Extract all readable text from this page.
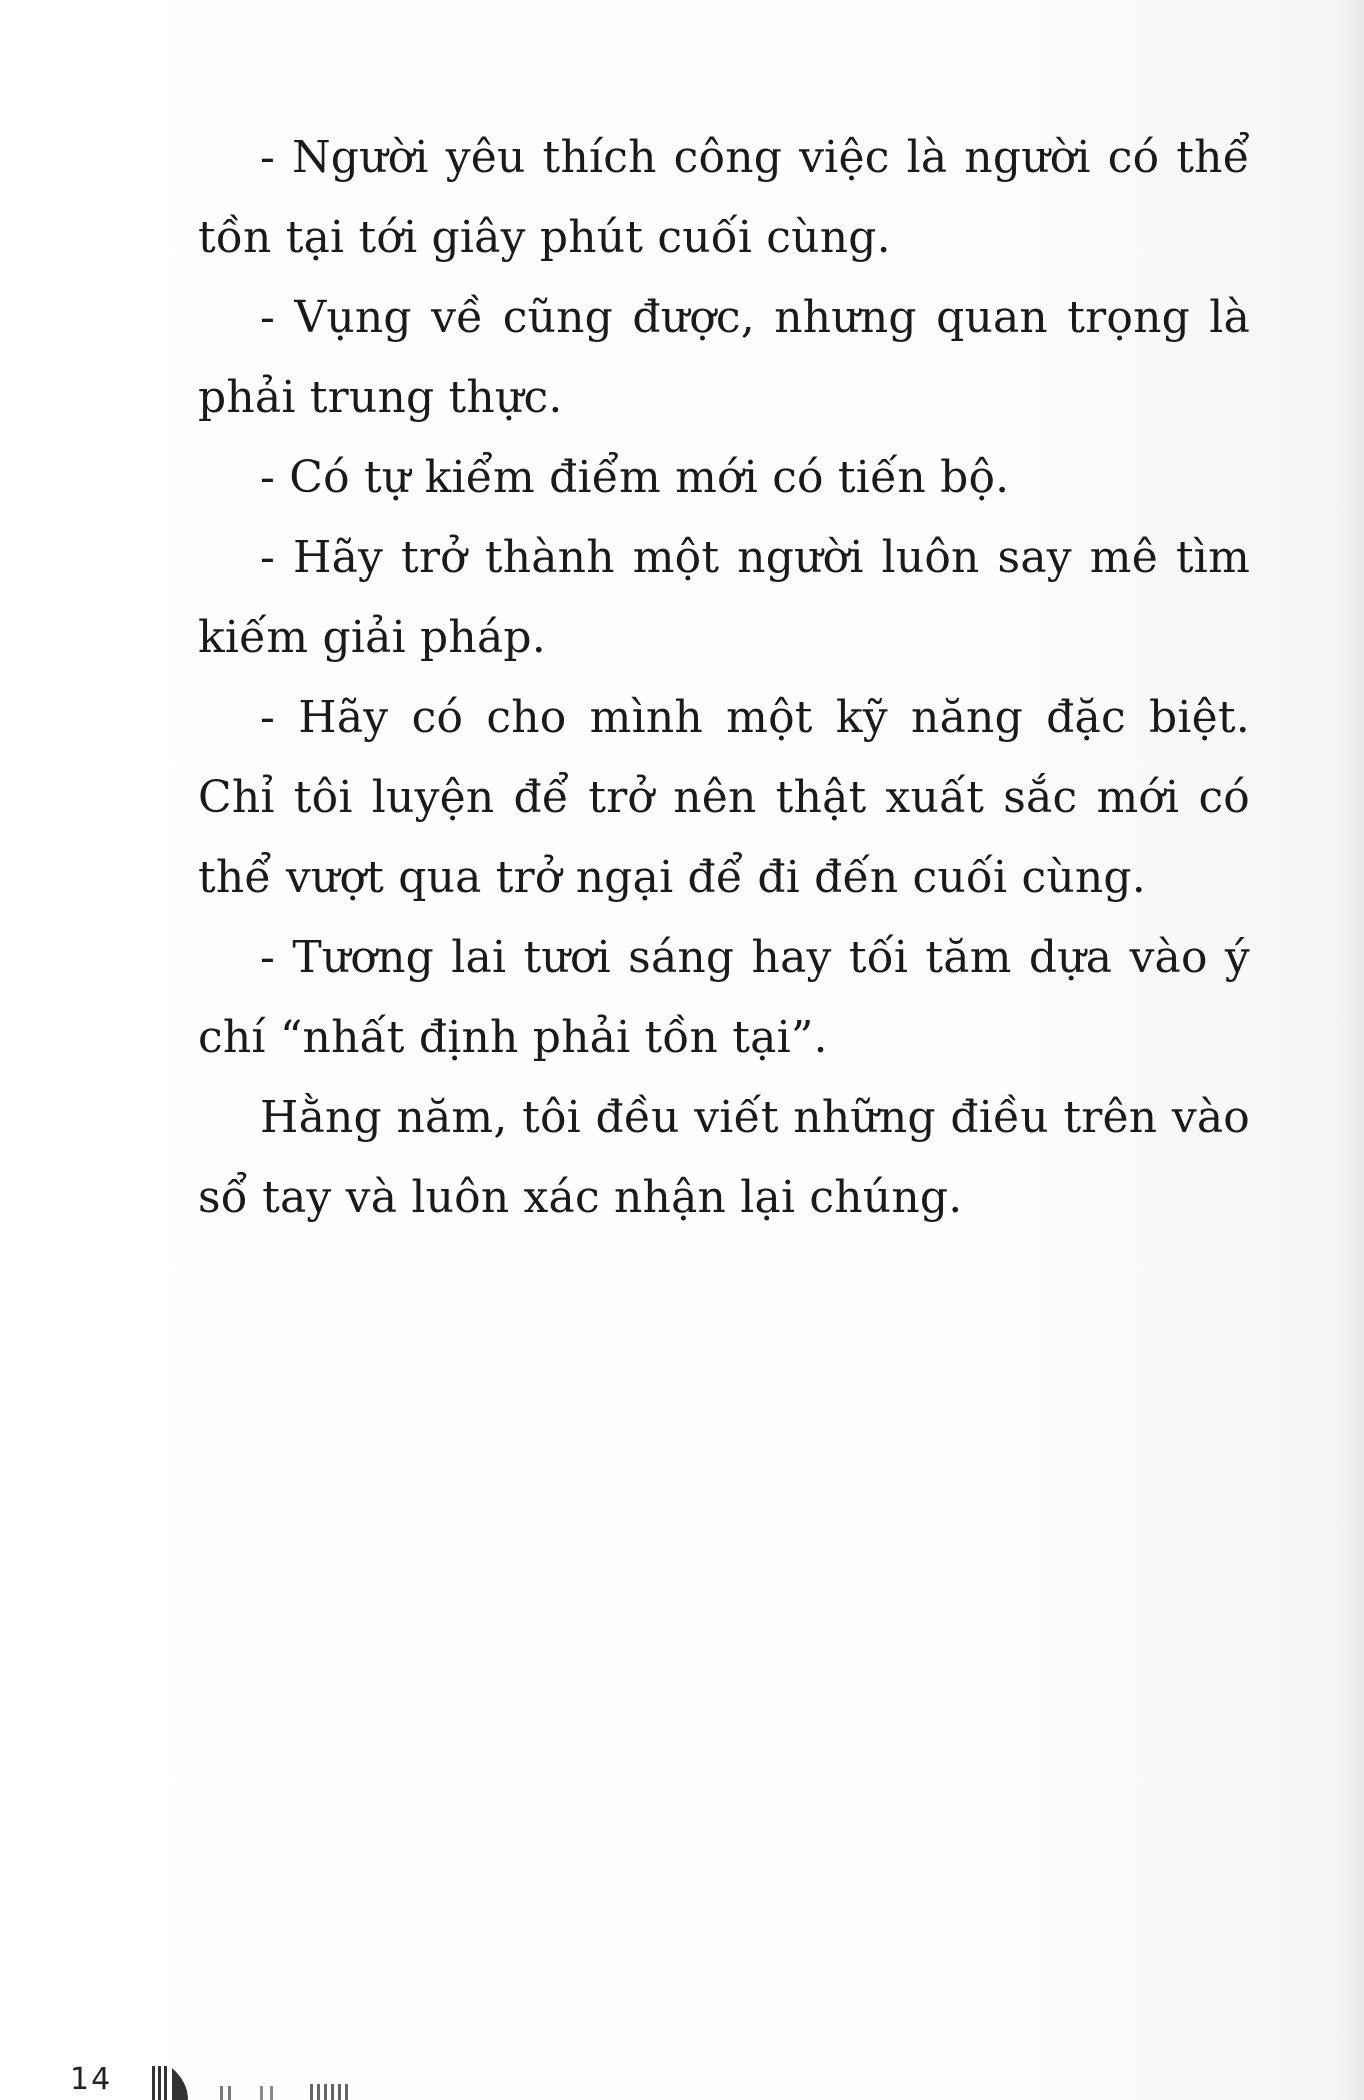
- Người yêu thích công việc là người có thể tồn tại tới giây phút cuối cùng.

- Vụng về cũng được, nhưng quan trọng là phải trung thực.

- Có tự kiểm điểm mới có tiến bộ.

- Hãy trở thành một người luôn say mê tìm kiếm giải pháp.

- Hãy có cho mình một kỹ năng đặc biệt. Chỉ tôi luyện để trở nên thật xuất sắc mới có thể vượt qua trở ngại để đi đến cuối cùng.

- Tương lai tươi sáng hay tối tăm dựa vào ý chí “nhất định phải tồn tại”.

Hằng năm, tôi đều viết những điều trên vào sổ tay và luôn xác nhận lại chúng.

14
